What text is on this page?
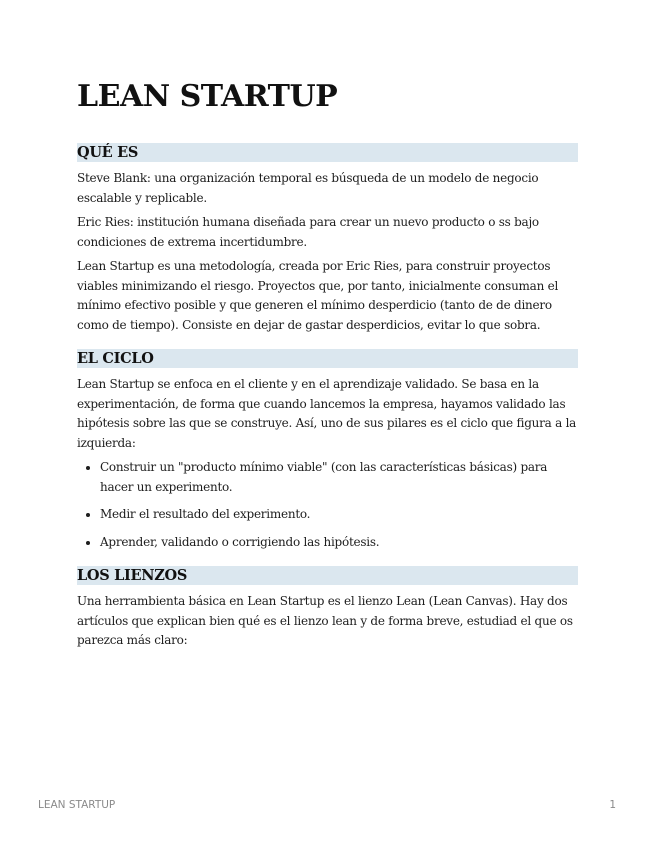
LEAN STARTUP
QUÉ ES

Steve Blank: una organización temporal es búsqueda de un modelo de negocio escalable y replicable.

Eric Ries: institución humana diseñada para crear un nuevo producto o ss bajo condiciones de extrema incertidumbre.

Lean Startup es una metodología, creada por Eric Ries, para construir proyectos viables minimizando el riesgo. Proyectos que, por tanto, inicialmente consuman el mínimo efectivo posible y que generen el mínimo desperdicio (tanto de de dinero como de tiempo). Consiste en dejar de gastar desperdicios, evitar lo que sobra.

EL CICLO

Lean Startup se enfoca en el cliente y en el aprendizaje validado. Se basa en la experimentación, de forma que cuando lancemos la empresa, hayamos validado las hipótesis sobre las que se construye. Así, uno de sus pilares es el ciclo que figura a la izquierda:

• Construir un "producto mínimo viable" (con las características básicas) para hacer un experimento.
• Medir el resultado del experimento.
• Aprender, validando o corrigiendo las hipótesis.
LOS LIENZOS

Una herrambienta básica en Lean Startup es el lienzo Lean (Lean Canvas). Hay dos artículos que explican bien qué es el lienzo lean y de forma breve, estudiad el que os parezca más claro:

LEAN STARTUP	1
